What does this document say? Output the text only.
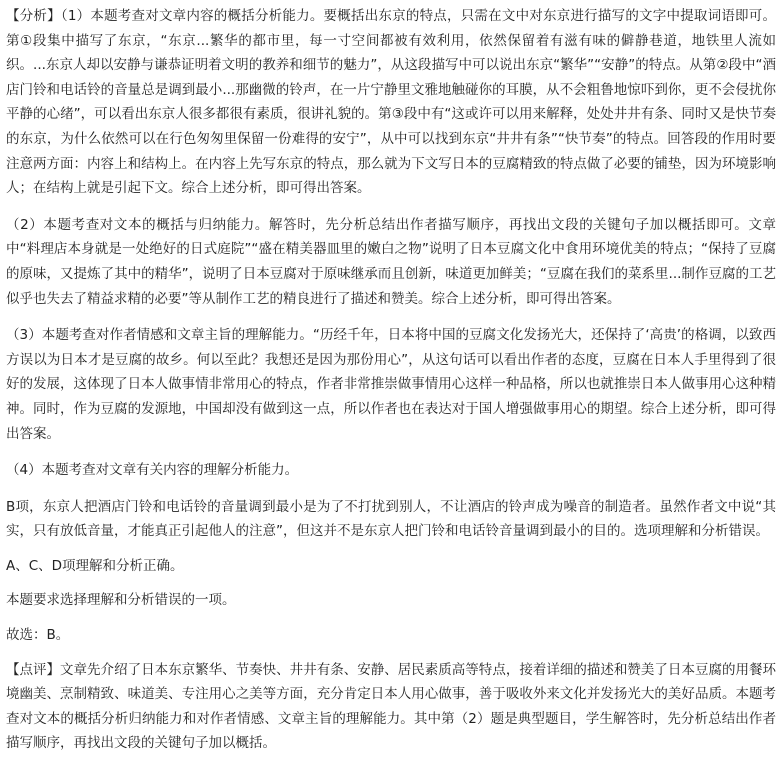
【分析】（1）本题考查对文章内容的概括分析能力。要概括出东京的特点，只需在文中对东京进行描写的文字中提取词语即可。第①段集中描写了东京，“东京...繁华的都市里，每一寸空间都被有效利用，依然保留着有滋有味的僻静巷道，地铁里人流如织。...东京人却以安静与谦恭证明着文明的教养和细节的魅力”，从这段描写中可以说出东京“繁华”“安静”的特点。从第②段中“酒店门铃和电话铃的音量总是调到最小...那幽微的铃声，在一片宁静里文雅地触碰你的耳膜，从不会粗鲁地惊吓到你，更不会侵扰你平静的心绪”，可以看出东京人很多都很有素质，很讲礼貌的。第③段中有“这或许可以用来解释，处处井井有条、同时又是快节奏的东京，为什么依然可以在行色匆匆里保留一份难得的安宁”，从中可以找到东京“井井有条”“快节奏”的特点。回答段的作用时要注意两方面：内容上和结构上。在内容上先写东京的特点，那么就为下文写日本的豆腐精致的特点做了必要的铺垫，因为环境影响人；在结构上就是引起下文。综合上述分析，即可得出答案。

（2）本题考查对文本的概括与归纳能力。解答时，先分析总结出作者描写顺序，再找出文段的关键句子加以概括即可。文章中“料理店本身就是一处绝好的日式庭院”“盛在精美器皿里的嫩白之物”说明了日本豆腐文化中食用环境优美的特点；“保持了豆腐的原味，又提炼了其中的精华”，说明了日本豆腐对于原味继承而且创新，味道更加鲜美；“豆腐在我们的菜系里...制作豆腐的工艺似乎也失去了精益求精的必要”等从制作工艺的精良进行了描述和赞美。综合上述分析，即可得出答案。

（3）本题考查对作者情感和文章主旨的理解能力。“历经千年，日本将中国的豆腐文化发扬光大，还保持了‘高贵’的格调，以致西方误以为日本才是豆腐的故乡。何以至此？我想还是因为那份用心”，从这句话可以看出作者的态度，豆腐在日本人手里得到了很好的发展，这体现了日本人做事情非常用心的特点，作者非常推崇做事情用心这样一种品格，所以也就推崇日本人做事用心这种精神。同时，作为豆腐的发源地，中国却没有做到这一点，所以作者也在表达对于国人增强做事用心的期望。综合上述分析，即可得出答案。

（4）本题考查对文章有关内容的理解分析能力。

B项，东京人把酒店门铃和电话铃的音量调到最小是为了不打扰到别人，不让酒店的铃声成为噪音的制造者。虽然作者文中说“其实，只有放低音量，才能真正引起他人的注意”，但这并不是东京人把门铃和电话铃音量调到最小的目的。选项理解和分析错误。

A、C、D项理解和分析正确。

本题要求选择理解和分析错误的一项。

故选：B。

【点评】文章先介绍了日本东京繁华、节奏快、井井有条、安静、居民素质高等特点，接着详细的描述和赞美了日本豆腐的用餐环境幽美、烹制精致、味道美、专注用心之美等方面，充分肯定日本人用心做事，善于吸收外来文化并发扬光大的美好品质。本题考查对文本的概括分析归纳能力和对作者情感、文章主旨的理解能力。其中第（2）题是典型题目，学生解答时，先分析总结出作者描写顺序，再找出文段的关键句子加以概括。
